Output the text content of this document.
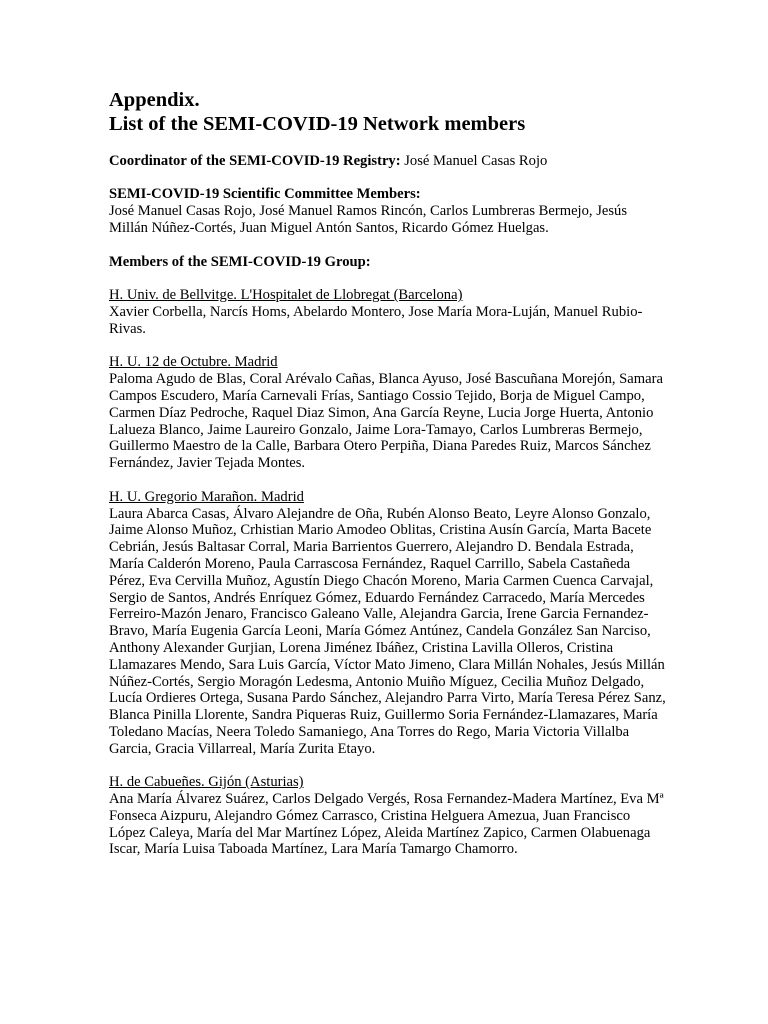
Appendix.
List of the SEMI-COVID-19 Network members

Coordinator of the SEMI-COVID-19 Registry: José Manuel Casas Rojo

SEMI-COVID-19 Scientific Committee Members:

José Manuel Casas Rojo, José Manuel Ramos Rincón, Carlos Lumbreras Bermejo, Jesús Millán Núñez-Cortés, Juan Miguel Antón Santos, Ricardo Gómez Huelgas.

Members of the SEMI-COVID-19 Group:

H. Univ. de Bellvitge. L'Hospitalet de Llobregat (Barcelona)

Xavier Corbella, Narcís Homs, Abelardo Montero, Jose María Mora-Luján, Manuel Rubio-Rivas.

H. U. 12 de Octubre. Madrid

Paloma Agudo de Blas, Coral Arévalo Cañas, Blanca Ayuso, José Bascuñana Morejón, Samara Campos Escudero, María Carnevali Frías, Santiago Cossio Tejido, Borja de Miguel Campo, Carmen Díaz Pedroche, Raquel Diaz Simon, Ana García Reyne, Lucia Jorge Huerta, Antonio Lalueza Blanco, Jaime Laureiro Gonzalo, Jaime Lora-Tamayo, Carlos Lumbreras Bermejo, Guillermo Maestro de la Calle, Barbara Otero Perpiña, Diana Paredes Ruiz, Marcos Sánchez Fernández, Javier Tejada Montes.

H. U. Gregorio Marañon. Madrid

Laura Abarca Casas, Álvaro Alejandre de Oña, Rubén Alonso Beato, Leyre Alonso Gonzalo, Jaime Alonso Muñoz, Crhistian Mario Amodeo Oblitas, Cristina Ausín García, Marta Bacete Cebrián, Jesús Baltasar Corral, Maria Barrientos Guerrero, Alejandro D. Bendala Estrada, María Calderón Moreno, Paula Carrascosa Fernández, Raquel Carrillo, Sabela Castañeda Pérez, Eva Cervilla Muñoz, Agustín Diego Chacón Moreno, Maria Carmen Cuenca Carvajal, Sergio de Santos, Andrés Enríquez Gómez, Eduardo Fernández Carracedo, María Mercedes Ferreiro-Mazón Jenaro, Francisco Galeano Valle, Alejandra Garcia, Irene Garcia Fernandez-Bravo, María Eugenia García Leoni, María Gómez Antúnez, Candela González San Narciso, Anthony Alexander Gurjian, Lorena Jiménez Ibáñez, Cristina Lavilla Olleros, Cristina Llamazares Mendo, Sara Luis García, Víctor Mato Jimeno, Clara Millán Nohales, Jesús Millán Núñez-Cortés, Sergio Moragón Ledesma, Antonio Muiño Míguez, Cecilia Muñoz Delgado, Lucía Ordieres Ortega, Susana Pardo Sánchez, Alejandro Parra Virto, María Teresa Pérez Sanz, Blanca Pinilla Llorente, Sandra Piqueras Ruiz, Guillermo Soria Fernández-Llamazares, María Toledano Macías, Neera Toledo Samaniego, Ana Torres do Rego, Maria Victoria Villalba Garcia, Gracia Villarreal, María Zurita Etayo.

H. de Cabueñes. Gijón (Asturias)

Ana María Álvarez Suárez, Carlos Delgado Vergés, Rosa Fernandez-Madera Martínez, Eva Mª Fonseca Aizpuru, Alejandro Gómez Carrasco, Cristina Helguera Amezua, Juan Francisco López Caleya, María del Mar Martínez López, Aleida Martínez Zapico, Carmen Olabuenaga Iscar, María Luisa Taboada Martínez, Lara María Tamargo Chamorro.
